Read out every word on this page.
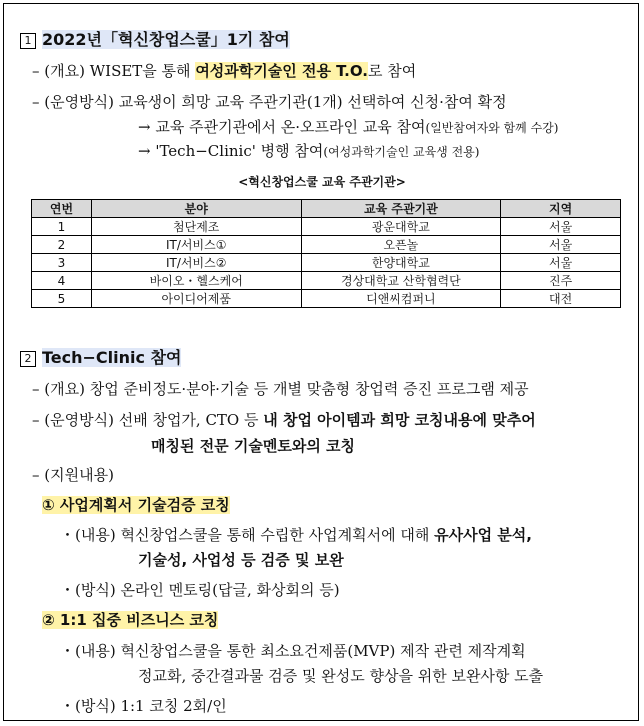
1 2022년「혁신창업스쿨」1기 참여
– (개요) WISET을 통해 여성과학기술인 전용 T.O.로 참여
– (운영방식) 교육생이 희망 교육 주관기관(1개) 선택하여 신청·참여 확정
→ 교육 주관기관에서 온·오프라인 교육 참여(일반참여자와 함께 수강)
→ 'Tech−Clinic' 병행 참여(여성과학기술인 교육생 전용)
<혁신창업스쿨 교육 주관기관>
연번	분야	교육 주관기관	지역
1	첨단제조	광운대학교	서울
2	IT/서비스①	오픈놀	서울
3	IT/서비스②	한양대학교	서울
4	바이오・헬스케어	경상대학교 산학협력단	진주
5	아이디어제품	디앤씨컴퍼니	대전
2 Tech−Clinic 참여
– (개요) 창업 준비정도·분야·기술 등 개별 맞춤형 창업력 증진 프로그램 제공
– (운영방식) 선배 창업가, CTO 등 내 창업 아이템과 희망 코칭내용에 맞추어
매칭된 전문 기술멘토와의 코칭
– (지원내용)
① 사업계획서 기술검증 코칭
・(내용) 혁신창업스쿨을 통해 수립한 사업계획서에 대해 유사사업 분석,
기술성, 사업성 등 검증 및 보완
・(방식) 온라인 멘토링(답글, 화상회의 등)
② 1:1 집중 비즈니스 코칭
・(내용) 혁신창업스쿨을 통한 최소요건제품(MVP) 제작 관련 제작계획
정교화, 중간결과물 검증 및 완성도 향상을 위한 보완사항 도출
・(방식) 1:1 코칭 2회/인
